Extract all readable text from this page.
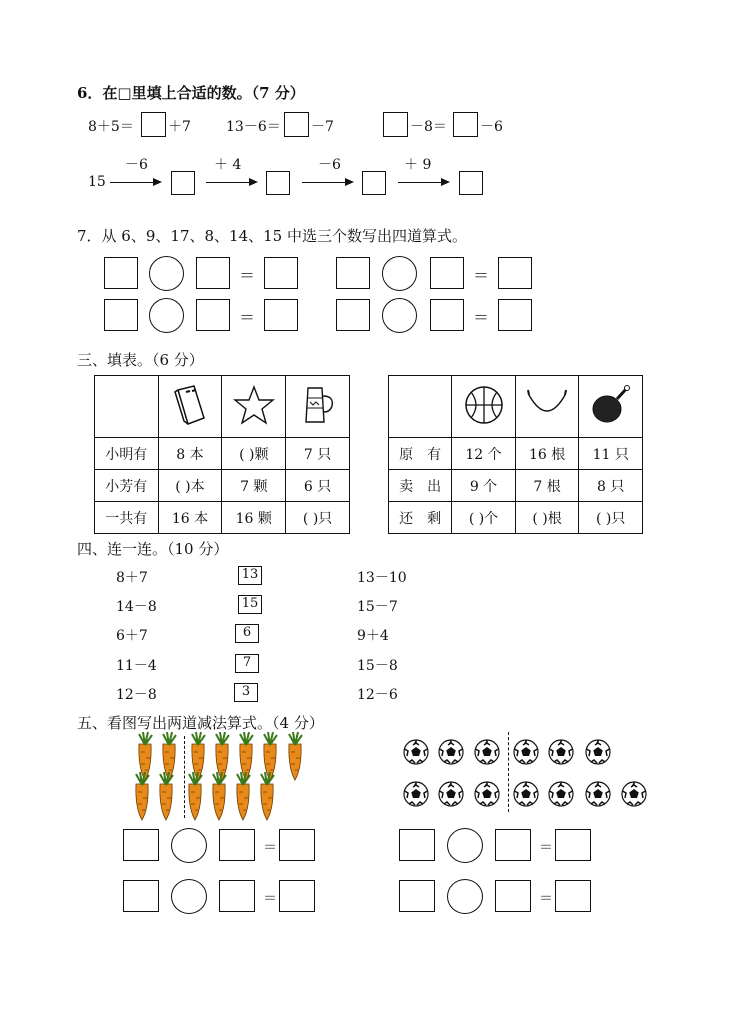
6．在□里填上合适的数。（7 分）
8＋5＝ ＋7	13－6＝ －7	－8＝ －6
15
－6	＋ 4	－6	＋ 9
7．从 6、9、17、8、14、15 中选三个数写出四道算式。
＝	＝
＝	＝
三、填表。（6 分）

小明有	8 本	( )颗	7 只
小芳有	( )本	7 颗	6 只
一共有	16 本	16 颗	( )只

原　有	12 个	16 根	11 只
卖　出	9 个	7 根	8 只
还　剩	( )个	( )根	( )只
四、连一连。（10 分）
8＋7
14－8
6＋7
11－4
12－8
13
15
6
7
3
13－10
15－7
9＋4
15－8
12－6
五、看图写出两道减法算式。（4 分）
＝
＝
＝
＝
